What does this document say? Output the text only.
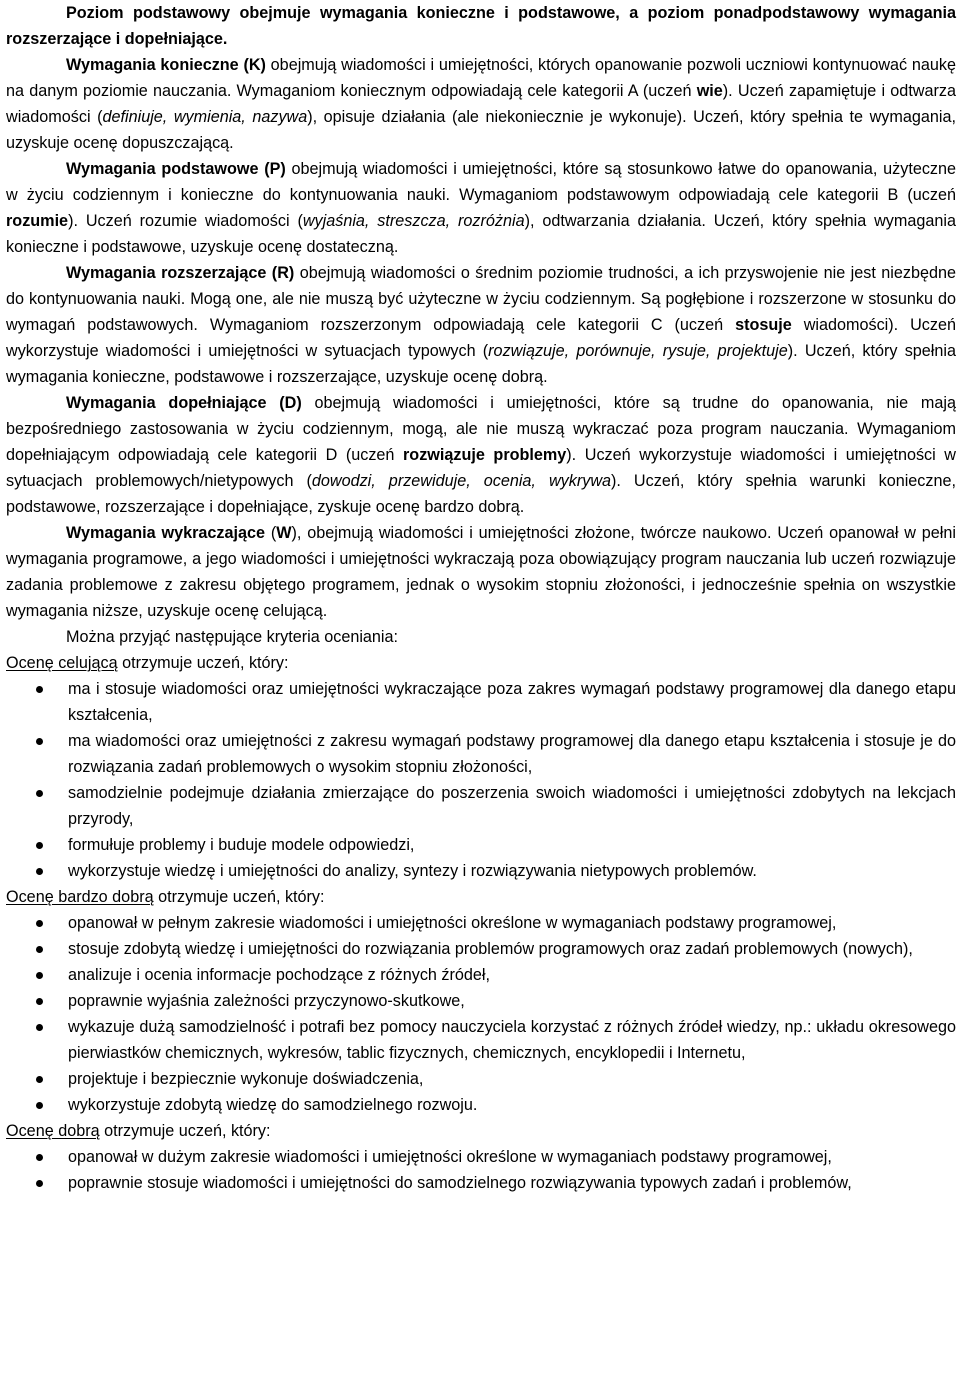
Poziom podstawowy obejmuje wymagania konieczne i podstawowe, a poziom ponadpodstawowy wymagania rozszerzające i dopełniające.

Wymagania konieczne (K) obejmują wiadomości i umiejętności, których opanowanie pozwoli uczniowi kontynuować naukę na danym poziomie nauczania. Wymaganiom koniecznym odpowiadają cele kategorii A (uczeń wie). Uczeń zapamiętuje i odtwarza wiadomości (definiuje, wymienia, nazywa), opisuje działania (ale niekoniecznie je wykonuje). Uczeń, który spełnia te wymagania, uzyskuje ocenę dopuszczającą.

Wymagania podstawowe (P) obejmują wiadomości i umiejętności, które są stosunkowo łatwe do opanowania, użyteczne w życiu codziennym i konieczne do kontynuowania nauki. Wymaganiom podstawowym odpowiadają cele kategorii B (uczeń rozumie). Uczeń rozumie wiadomości (wyjaśnia, streszcza, rozróżnia), odtwarzania działania. Uczeń, który spełnia wymagania konieczne i podstawowe, uzyskuje ocenę dostateczną.

Wymagania rozszerzające (R) obejmują wiadomości o średnim poziomie trudności, a ich przyswojenie nie jest niezbędne do kontynuowania nauki. Mogą one, ale nie muszą być użyteczne w życiu codziennym. Są pogłębione i rozszerzone w stosunku do wymagań podstawowych. Wymaganiom rozszerzonym odpowiadają cele kategorii C (uczeń stosuje wiadomości). Uczeń wykorzystuje wiadomości i umiejętności w sytuacjach typowych (rozwiązuje, porównuje, rysuje, projektuje). Uczeń, który spełnia wymagania konieczne, podstawowe i rozszerzające, uzyskuje ocenę dobrą.

Wymagania dopełniające (D) obejmują wiadomości i umiejętności, które są trudne do opanowania, nie mają bezpośredniego zastosowania w życiu codziennym, mogą, ale nie muszą wykraczać poza program nauczania. Wymaganiom dopełniającym odpowiadają cele kategorii D (uczeń rozwiązuje problemy). Uczeń wykorzystuje wiadomości i umiejętności w sytuacjach problemowych/nietypowych (dowodzi, przewiduje, ocenia, wykrywa). Uczeń, który spełnia warunki konieczne, podstawowe, rozszerzające i dopełniające, zyskuje ocenę bardzo dobrą.

Wymagania wykraczające (W), obejmują wiadomości i umiejętności złożone, twórcze naukowo. Uczeń opanował w pełni wymagania programowe, a jego wiadomości i umiejętności wykraczają poza obowiązujący program nauczania lub uczeń rozwiązuje zadania problemowe z zakresu objętego programem, jednak o wysokim stopniu złożoności, i jednocześnie spełnia on wszystkie wymagania niższe, uzyskuje ocenę celującą.

Można przyjąć następujące kryteria oceniania:

Ocenę celującą otrzymuje uczeń, który:

ma i stosuje wiadomości oraz umiejętności wykraczające poza zakres wymagań podstawy programowej dla danego etapu kształcenia,
ma wiadomości oraz umiejętności z zakresu wymagań podstawy programowej dla danego etapu kształcenia i stosuje je do rozwiązania zadań problemowych o wysokim stopniu złożoności,
samodzielnie podejmuje działania zmierzające do poszerzenia swoich wiadomości i umiejętności zdobytych na lekcjach przyrody,
formułuje problemy i buduje modele odpowiedzi,
wykorzystuje wiedzę i umiejętności do analizy, syntezy i rozwiązywania nietypowych problemów.

Ocenę bardzo dobrą otrzymuje uczeń, który:

opanował w pełnym zakresie wiadomości i umiejętności określone w wymaganiach podstawy programowej,
stosuje zdobytą wiedzę i umiejętności do rozwiązania problemów programowych oraz zadań problemowych (nowych),
analizuje i ocenia informacje pochodzące z różnych źródeł,
poprawnie wyjaśnia zależności przyczynowo-skutkowe,
wykazuje dużą samodzielność i potrafi bez pomocy nauczyciela korzystać z różnych źródeł wiedzy, np.: układu okresowego pierwiastków chemicznych, wykresów, tablic fizycznych, chemicznych, encyklopedii i Internetu,
projektuje i bezpiecznie wykonuje doświadczenia,
wykorzystuje zdobytą wiedzę do samodzielnego rozwoju.

Ocenę dobrą otrzymuje uczeń, który:

opanował w dużym zakresie wiadomości i umiejętności określone w wymaganiach podstawy programowej,
poprawnie stosuje wiadomości i umiejętności do samodzielnego rozwiązywania typowych zadań i problemów,
